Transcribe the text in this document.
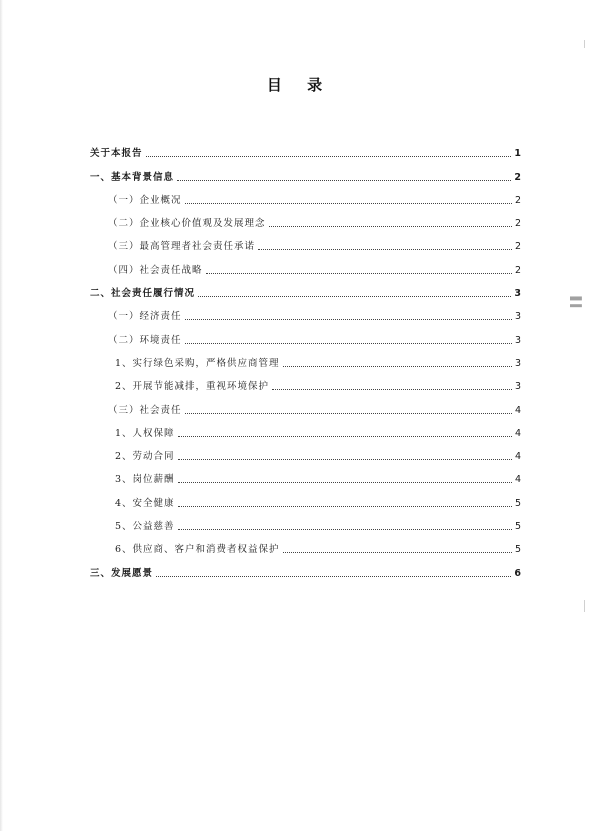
目 录
关于本报告	1
一、基本背景信息	2
（一）企业概况	2
（二）企业核心价值观及发展理念	2
（三）最高管理者社会责任承诺	2
（四）社会责任战略	2
二、社会责任履行情况	3
（一）经济责任	3
（二）环境责任	3
1、实行绿色采购，严格供应商管理	3
2、开展节能减排，重视环境保护	3
（三）社会责任	4
1、人权保障	4
2、劳动合同	4
3、岗位薪酬	4
4、安全健康	5
5、公益慈善	5
6、供应商、客户和消费者权益保护	5
三、发展愿景	6
▌▍
